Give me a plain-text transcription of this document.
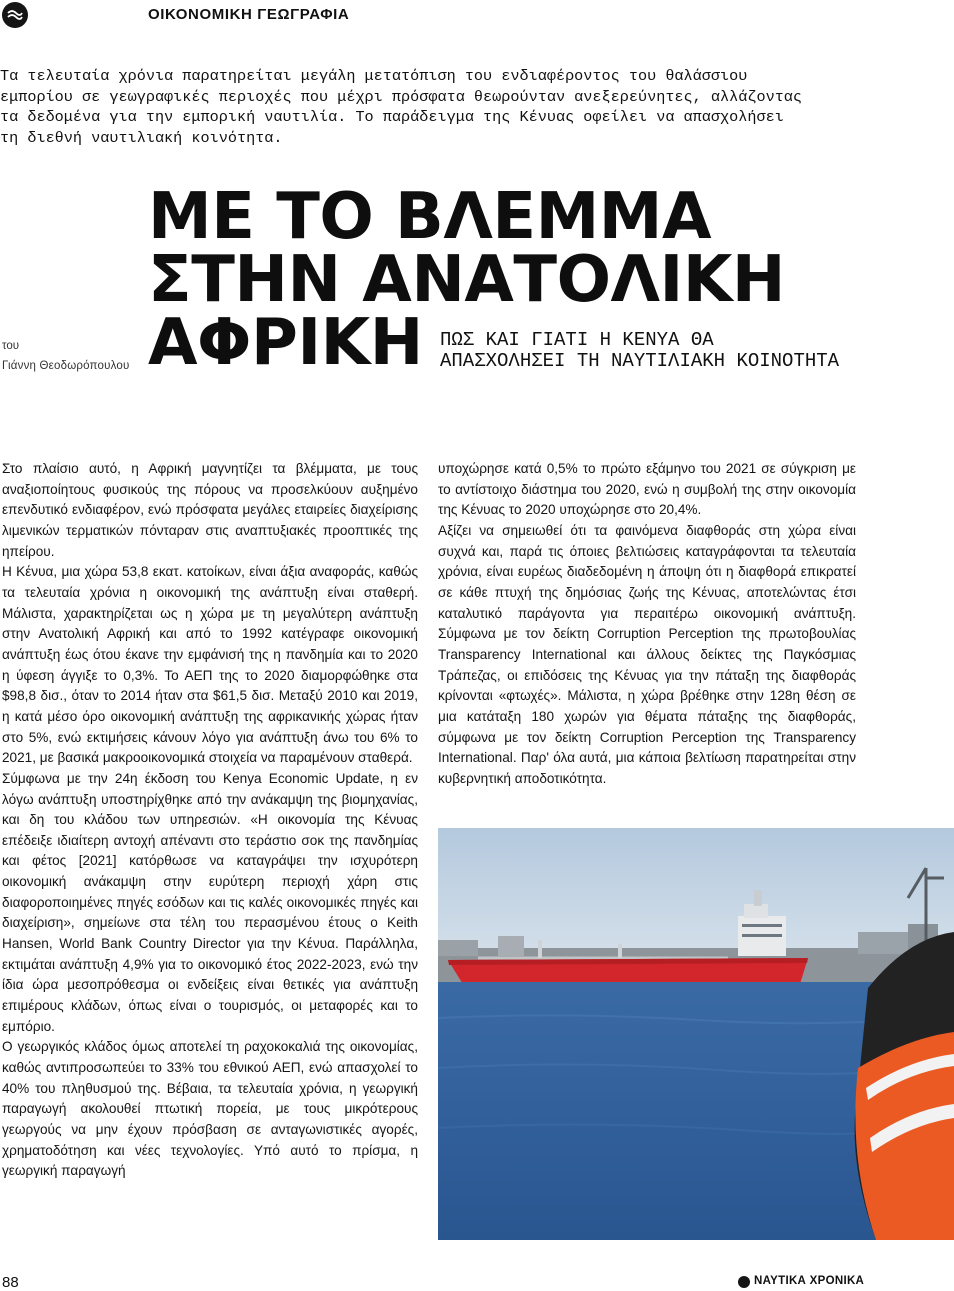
ΟΙΚΟΝΟΜΙΚΗ ΓΕΩΓΡΑΦΙΑ
Τα τελευταία χρόνια παρατηρείται μεγάλη μετατόπιση του ενδιαφέροντος του θαλάσσιου
εμπορίου σε γεωγραφικές περιοχές που μέχρι πρόσφατα θεωρούνταν ανεξερεύνητες, αλλάζοντας
τα δεδομένα για την εμπορική ναυτιλία. Το παράδειγμα της Κένυας οφείλει να απασχολήσει
τη διεθνή ναυτιλιακή κοινότητα.
ΜΕ ΤΟ ΒΛΕΜΜΑ
ΣΤΗΝ ΑΝΑΤΟΛΙΚΗ
ΑΦΡΙΚΗ
του
Γιάννη Θεοδωρόπουλου
ΠΩΣ ΚΑΙ ΓΙΑΤΙ Η ΚΕΝΥΑ ΘΑ
ΑΠΑΣΧΟΛΗΣΕΙ ΤΗ ΝΑΥΤΙΛΙΑΚΗ ΚΟΙΝΟΤΗΤΑ

Στο πλαίσιο αυτό, η Αφρική μαγνητίζει τα βλέμματα, με τους αναξιοποίητους φυσικούς της πόρους να προσελκύουν αυξημένο επενδυτικό ενδιαφέρον, ενώ πρόσφατα μεγάλες εταιρείες διαχείρισης λιμενικών τερματικών πόνταραν στις αναπτυξιακές προοπτικές της ηπείρου.

Η Κένυα, μια χώρα 53,8 εκατ. κατοίκων, είναι άξια αναφοράς, καθώς τα τελευταία χρόνια η οικονομική της ανάπτυξη είναι σταθερή. Μάλιστα, χαρακτηρίζεται ως η χώρα με τη μεγαλύτερη ανάπτυξη στην Ανατολική Αφρική και από το 1992 κατέγραφε οικονομική ανάπτυξη έως ότου έκανε την εμφάνισή της η πανδημία και το 2020 η ύφεση άγγιξε το 0,3%. Το ΑΕΠ της το 2020 διαμορφώθηκε στα $98,8 δισ., όταν το 2014 ήταν στα $61,5 δισ. Μεταξύ 2010 και 2019, η κατά μέσο όρο οικονομική ανάπτυξη της αφρικανικής χώρας ήταν στο 5%, ενώ εκτιμήσεις κάνουν λόγο για ανάπτυξη άνω του 6% το 2021, με βασικά μακροοικονομικά στοιχεία να παραμένουν σταθερά.

Σύμφωνα με την 24η έκδοση του Kenya Economic Update, η εν λόγω ανάπτυξη υποστηρίχθηκε από την ανάκαμψη της βιομηχανίας, και δη του κλάδου των υπηρεσιών. «Η οικονομία της Κένυας επέδειξε ιδιαίτερη αντοχή απέναντι στο τεράστιο σοκ της πανδημίας και φέτος [2021] κατόρθωσε να καταγράψει την ισχυρότερη οικονομική ανάκαμψη στην ευρύτερη περιοχή χάρη στις διαφοροποιημένες πηγές εσόδων και τις καλές οικονομικές πηγές και διαχείριση», σημείωνε στα τέλη του περασμένου έτους ο Keith Hansen, World Bank Country Director για την Κένυα. Παράλληλα, εκτιμάται ανάπτυξη 4,9% για το οικονομικό έτος 2022-2023, ενώ την ίδια ώρα μεσοπρόθεσμα οι ενδείξεις είναι θετικές για ανάπτυξη επιμέρους κλάδων, όπως είναι ο τουρισμός, οι μεταφορές και το εμπόριο.

Ο γεωργικός κλάδος όμως αποτελεί τη ραχοκοκαλιά της οικονομίας, καθώς αντιπροσωπεύει το 33% του εθνικού ΑΕΠ, ενώ απασχολεί το 40% του πληθυσμού της. Βέβαια, τα τελευταία χρόνια, η γεωργική παραγωγή ακολουθεί πτωτική πορεία, με τους μικρότερους γεωργούς να μην έχουν πρόσβαση σε ανταγωνιστικές αγορές, χρηματοδότηση και νέες τεχνολογίες. Υπό αυτό το πρίσμα, η γεωργική παραγωγή

υποχώρησε κατά 0,5% το πρώτο εξάμηνο του 2021 σε σύγκριση με το αντίστοιχο διάστημα του 2020, ενώ η συμβολή της στην οικονομία της Κένυας το 2020 υποχώρησε στο 20,4%.

Αξίζει να σημειωθεί ότι τα φαινόμενα διαφθοράς στη χώρα είναι συχνά και, παρά τις όποιες βελτιώσεις καταγράφονται τα τελευταία χρόνια, είναι ευρέως διαδεδομένη η άποψη ότι η διαφθορά επικρατεί σε κάθε πτυχή της δημόσιας ζωής της Κένυας, αποτελώντας έτσι καταλυτικό παράγοντα για περαιτέρω οικονομική ανάπτυξη. Σύμφωνα με τον δείκτη Corruption Perception της πρωτοβουλίας Transparency International και άλλους δείκτες της Παγκόσμιας Τράπεζας, οι επιδόσεις της Κένυας για την πάταξη της διαφθοράς κρίνονται «φτωχές». Μάλιστα, η χώρα βρέθηκε στην 128η θέση σε μια κατάταξη 180 χωρών για θέματα πάταξης της διαφθοράς, σύμφωνα με τον δείκτη Corruption Perception της Transparency International. Παρ' όλα αυτά, μια κάποια βελτίωση παρατηρείται στην κυβερνητική αποδοτικότητα.

88	ΝΑΥΤΙΚΑ ΧΡΟΝΙΚΑ
